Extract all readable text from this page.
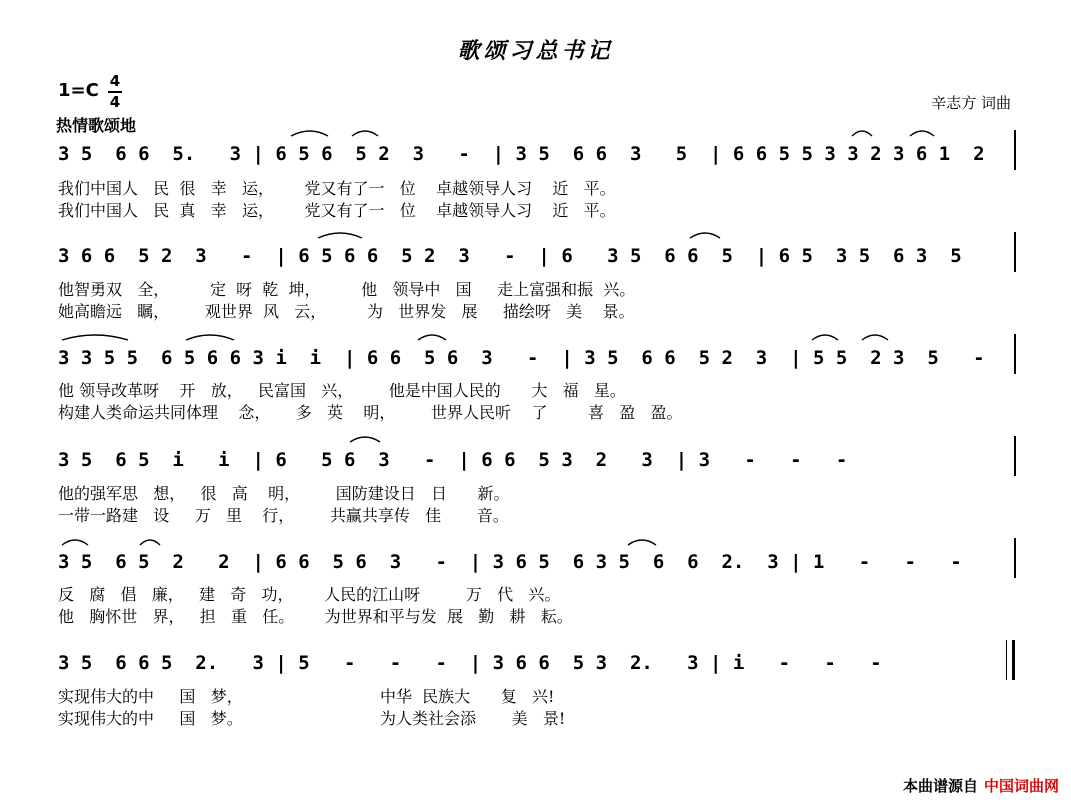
歌颂习总书记
1=C 4
4	辛志方 词曲
热情歌颂地
3 5  6 6  5.   3 | 6 5 6  5 2  3   -  | 3 5  6 6  3   5  | 6 6 5 5 3 3 2 3 6 1  2
我们中国人   民  很   幸   运，      党又有了一   位    卓越领导人习    近   平。
我们中国人   民  真   幸   运，      党又有了一   位    卓越领导人习    近   平。
3 6 6  5 2  3   -  | 6 5 6 6  5 2  3   -  | 6   3 5  6 6  5  | 6 5  3 5  6 3  5
他智勇双   全，        定  呀  乾  坤，        他   领导中   国     走上富强和振  兴。
她高瞻远   瞩，       观世界  风   云，        为   世界发   展     描绘呀   美    景。
3 3 5 5  6 5 6 6 3 i  i  | 6 6  5 6  3   -  | 3 5  6 6  5 2  3  | 5 5  2 3  5   -
他 领导改革呀    开   放，   民富国   兴，       他是中国人民的      大   福   星。
构建人类命运共同体理    念，     多   英    明，       世界人民听    了        喜   盈   盈。
3 5  6 5  i   i  | 6   5 6  3   -  | 6 6  5 3  2   3  | 3   -   -   -
他的强军思   想，   很   高    明，       国防建设日   日      新。
一带一路建   设     万   里    行，       共赢共享传   佳       音。
3 5  6 5  2   2  | 6 6  5 6  3   -  | 3 6 5  6 3 5  6  6  2.  3 | 1   -   -   -
反   腐   倡   廉，   建   奇   功，      人民的江山呀         万   代   兴。
他   胸怀世   界，   担   重   任。      为世界和平与发  展   勤   耕   耘。
3 5  6 6 5  2.   3 | 5   -   -   -  | 3 6 6  5 3  2.   3 | i   -   -   -
实现伟大的中     国   梦，                           中华  民族大      复   兴!
实现伟大的中     国   梦。                           为人类社会添       美   景!
本曲谱源自 中国词曲网
